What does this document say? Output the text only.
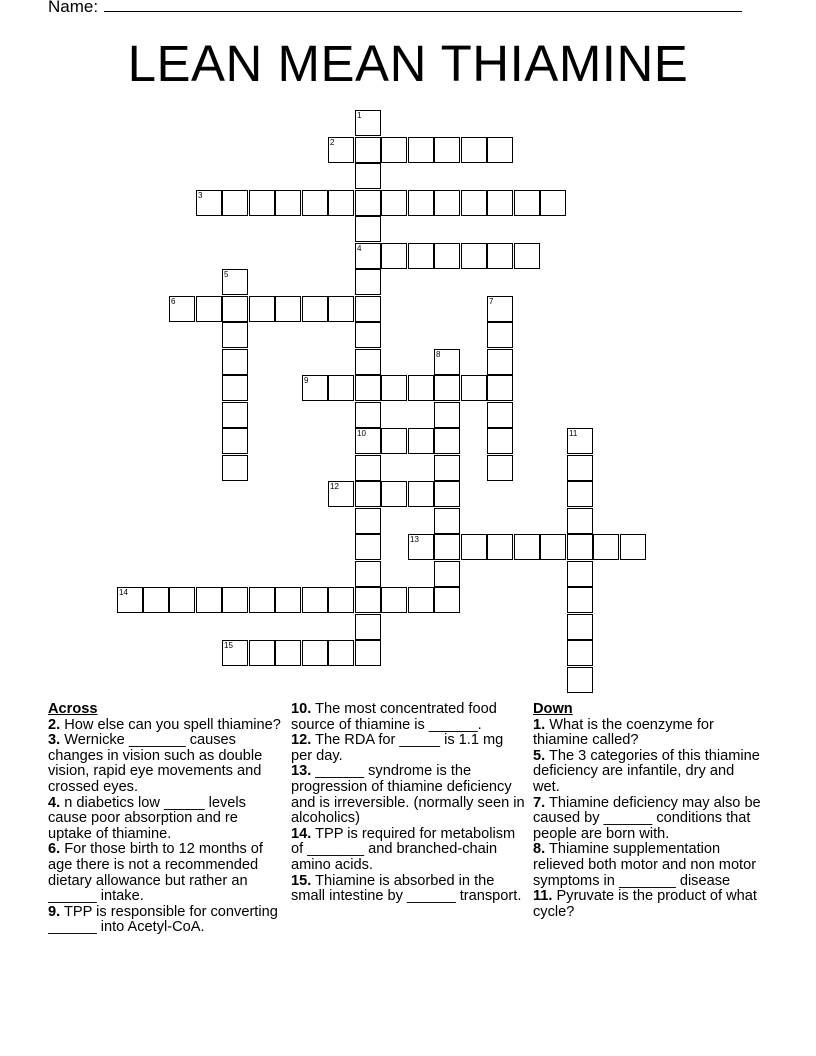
Name:
LEAN MEAN THIAMINE
1
4
10
2
3
5
6	7
8
9
11
12
13
14
15
Across
2. How else can you spell thiamine?
3. Wernicke _______ causes changes in vision such as double vision, rapid eye movements and crossed eyes.
4. n diabetics low _____ levels cause poor absorption and re uptake of thiamine.
6. For those birth to 12 months of age there is not a recommended dietary allowance but rather an ______ intake.
9. TPP is responsible for converting ______ into Acetyl-CoA.
10. The most concentrated food source of thiamine is ______.
12. The RDA for _____ is 1.1 mg per day.
13. ______ syndrome is the progression of thiamine deficiency and is irreversible. (normally seen in alcoholics)
14. TPP is required for metabolism of _______ and branched-chain amino acids.
15. Thiamine is absorbed in the small intestine by ______ transport.
Down
1. What is the coenzyme for thiamine called?
5. The 3 categories of this thiamine deficiency are infantile, dry and wet.
7. Thiamine deficiency may also be caused by ______ conditions that people are born with.
8. Thiamine supplementation relieved both motor and non motor symptoms in _______ disease
11. Pyruvate is the product of what cycle?
